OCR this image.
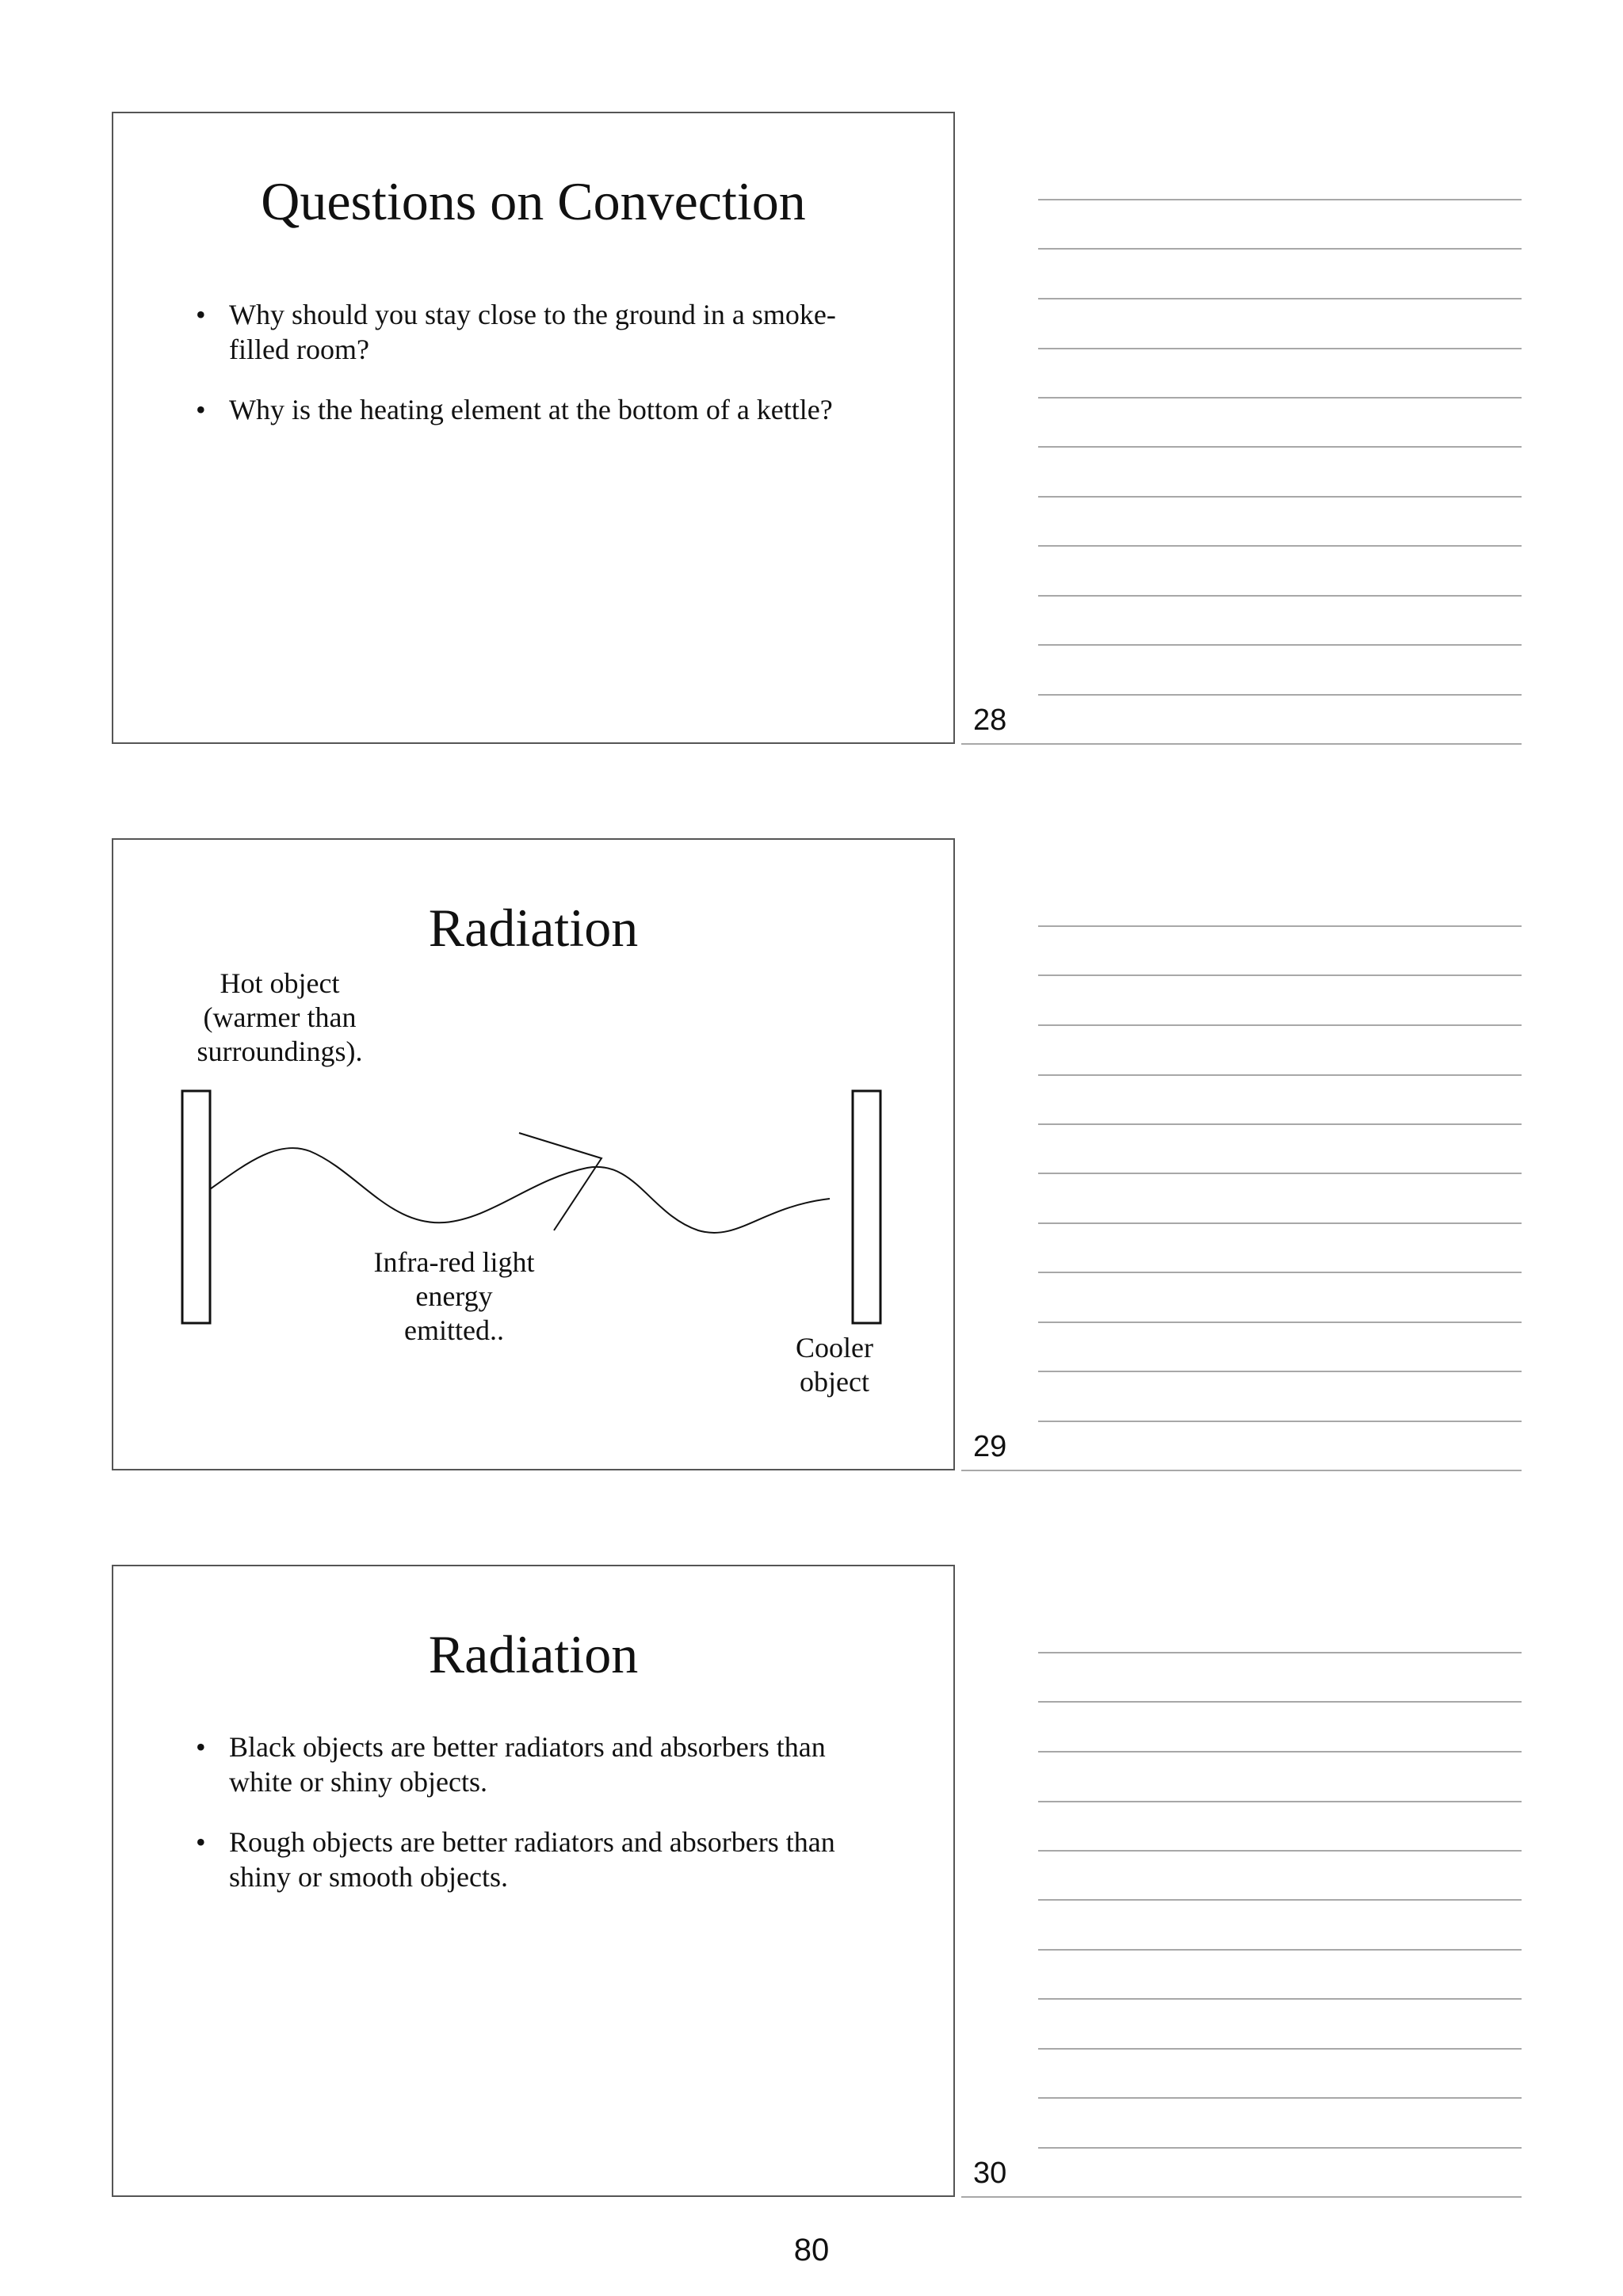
Questions on Convection
• Why should you stay close to the ground in a smoke-filled room?
• Why is the heating element at the bottom of a kettle?
28
Radiation
Hot object (warmer than surroundings).
Infra-red light energy emitted..
Cooler object
29
Radiation
• Black objects are better radiators and absorbers than white or shiny objects.
• Rough objects are better radiators and absorbers than shiny or smooth objects.
30
80
